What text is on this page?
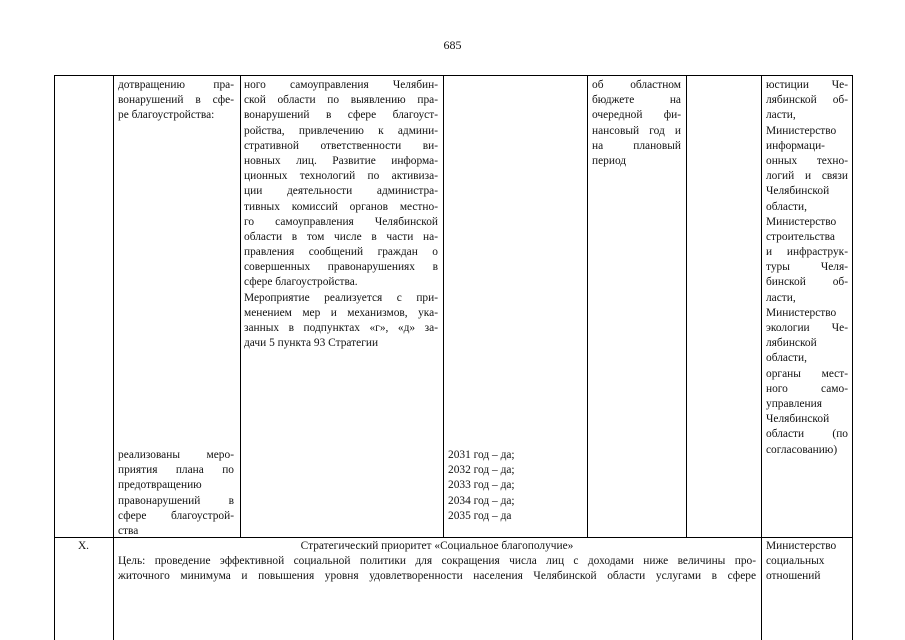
685
дотвращению пра-
вонарушений в сфе-
ре благоустройства:
реализованы меро-
приятия плана по
предотвращению
правонарушений в
сфере благоустрой-
ства
ного самоуправления Челябин-
ской области по выявлению пра-
вонарушений в сфере благоуст-
ройства, привлечению к админи-
стративной ответственности ви-
новных лиц. Развитие информа-
ционных технологий по активиза-
ции деятельности администра-
тивных комиссий органов местно-
го самоуправления Челябинской
области в том числе в части на-
правления сообщений граждан о
совершенных правонарушениях в
сфере благоустройства.
Мероприятие реализуется с при-
менением мер и механизмов, ука-
занных в подпунктах «г», «д» за-
дачи 5 пункта 93 Стратегии
2031 год – да;
2032 год – да;
2033 год – да;
2034 год – да;
2035 год – да
об областном
бюджете на
очередной фи-
нансовый год и
на плановый
период
юстиции Че-
лябинской об-
ласти,
Министерство
информаци-
онных техно-
логий и связи
Челябинской
области,
Министерство
строительства
и инфраструк-
туры Челя-
бинской об-
ласти,
Министерство
экологии Че-
лябинской
области,
органы мест-
ного само-
управления
Челябинской
области (по
согласованию)
X.	Стратегический приоритет «Социальное благополучие»
Цель: проведение эффективной социальной политики для сокращения числа лиц с доходами ниже величины про-
житочного минимума и повышения уровня удовлетворенности населения Челябинской области услугами в сфере
Министерство
социальных
отношений
